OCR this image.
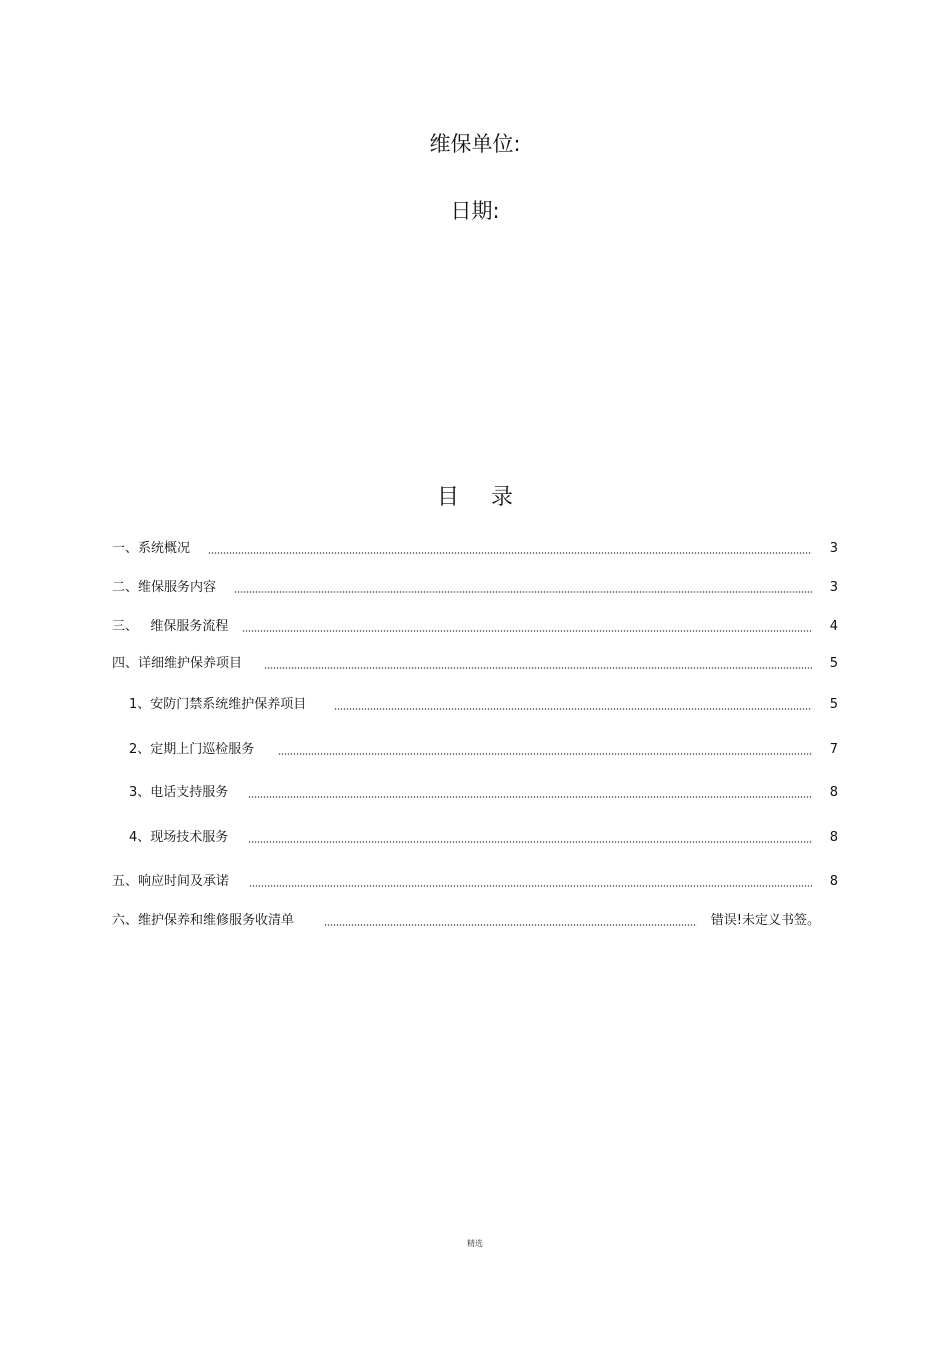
维保单位:
日期:
目录
一、系统概况	3
二、维保服务内容	3
三、   维保服务流程	4
四、详细维护保养项目	5
1、安防门禁系统维护保养项目	5
2、定期上门巡检服务	7
3、电话支持服务	8
4、现场技术服务	8
五、响应时间及承诺	8
六、维护保养和维修服务收清单	错误!未定义书签。
精选
